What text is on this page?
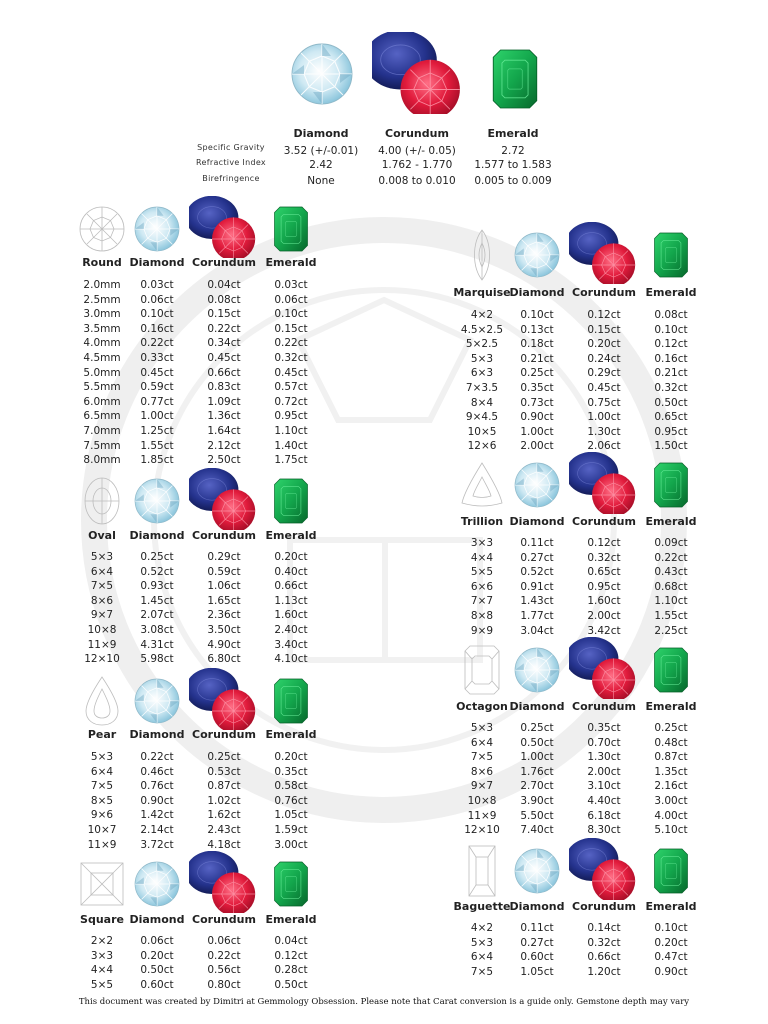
Diamond	Corundum	Emerald
Specific Gravity	3.52 (+/-0.01)	4.00 (+/- 0.05)	2.72
Refractive Index	2.42	1.762 - 1.770	1.577 to 1.583
Birefringence	None	0.008 to 0.010	0.005 to 0.009
Round Diamond Corundum Emerald
2.0mm	0.03ct	0.04ct	0.03ct
2.5mm	0.06ct	0.08ct	0.06ct
3.0mm	0.10ct	0.15ct	0.10ct
3.5mm	0.16ct	0.22ct	0.15ct
4.0mm	0.22ct	0.34ct	0.22ct
4.5mm	0.33ct	0.45ct	0.32ct
5.0mm	0.45ct	0.66ct	0.45ct
5.5mm	0.59ct	0.83ct	0.57ct
6.0mm	0.77ct	1.09ct	0.72ct
6.5mm	1.00ct	1.36ct	0.95ct
7.0mm	1.25ct	1.64ct	1.10ct
7.5mm	1.55ct	2.12ct	1.40ct
8.0mm	1.85ct	2.50ct	1.75ct
Oval	Diamond Corundum Emerald
5×3	0.25ct	0.29ct	0.20ct
6×4	0.52ct	0.59ct	0.40ct
7×5	0.93ct	1.06ct	0.66ct
8×6	1.45ct	1.65ct	1.13ct
9×7	2.07ct	2.36ct	1.60ct
10×8	3.08ct	3.50ct	2.40ct
11×9	4.31ct	4.90ct	3.40ct
12×10	5.98ct	6.80ct	4.10ct
Pear	Diamond Corundum Emerald
5×3	0.22ct	0.25ct	0.20ct
6×4	0.46ct	0.53ct	0.35ct
7×5	0.76ct	0.87ct	0.58ct
8×5	0.90ct	1.02ct	0.76ct
9×6	1.42ct	1.62ct	1.05ct
10×7	2.14ct	2.43ct	1.59ct
11×9	3.72ct	4.18ct	3.00ct
Square Diamond Corundum Emerald
2×2	0.06ct	0.06ct	0.04ct
3×3	0.20ct	0.22ct	0.12ct
4×4	0.50ct	0.56ct	0.28ct
5×5	0.60ct	0.80ct	0.50ct
Marquise
Diamond Corundum Emerald
4×2	0.10ct	0.12ct	0.08ct
4.5×2.5	0.13ct	0.15ct	0.10ct
5×2.5	0.18ct	0.20ct	0.12ct
5×3	0.21ct	0.24ct	0.16ct
6×3	0.25ct	0.29ct	0.21ct
7×3.5	0.35ct	0.45ct	0.32ct
8×4	0.73ct	0.75ct	0.50ct
9×4.5	0.90ct	1.00ct	0.65ct
10×5	1.00ct	1.30ct	0.95ct
12×6	2.00ct	2.06ct	1.50ct
Trillion Diamond Corundum Emerald
3×3	0.11ct	0.12ct	0.09ct
4×4	0.27ct	0.32ct	0.22ct
5×5	0.52ct	0.65ct	0.43ct
6×6	0.91ct	0.95ct	0.68ct
7×7	1.43ct	1.60ct	1.10ct
8×8	1.77ct	2.00ct	1.55ct
9×9	3.04ct	3.42ct	2.25ct
Octagon Diamond Corundum Emerald
5×3	0.25ct	0.35ct	0.25ct
6×4	0.50ct	0.70ct	0.48ct
7×5	1.00ct	1.30ct	0.87ct
8×6	1.76ct	2.00ct	1.35ct
9×7	2.70ct	3.10ct	2.16ct
10×8	3.90ct	4.40ct	3.00ct
11×9	5.50ct	6.18ct	4.00ct
12×10	7.40ct	8.30ct	5.10ct
Baguette Diamond Corundum Emerald
4×2	0.11ct	0.14ct	0.10ct
5×3	0.27ct	0.32ct	0.20ct
6×4	0.60ct	0.66ct	0.47ct
7×5	1.05ct	1.20ct	0.90ct
This document was created by Dimitri at Gemmology Obsession. Please note that Carat conversion is a guide only. Gemstone depth may vary
